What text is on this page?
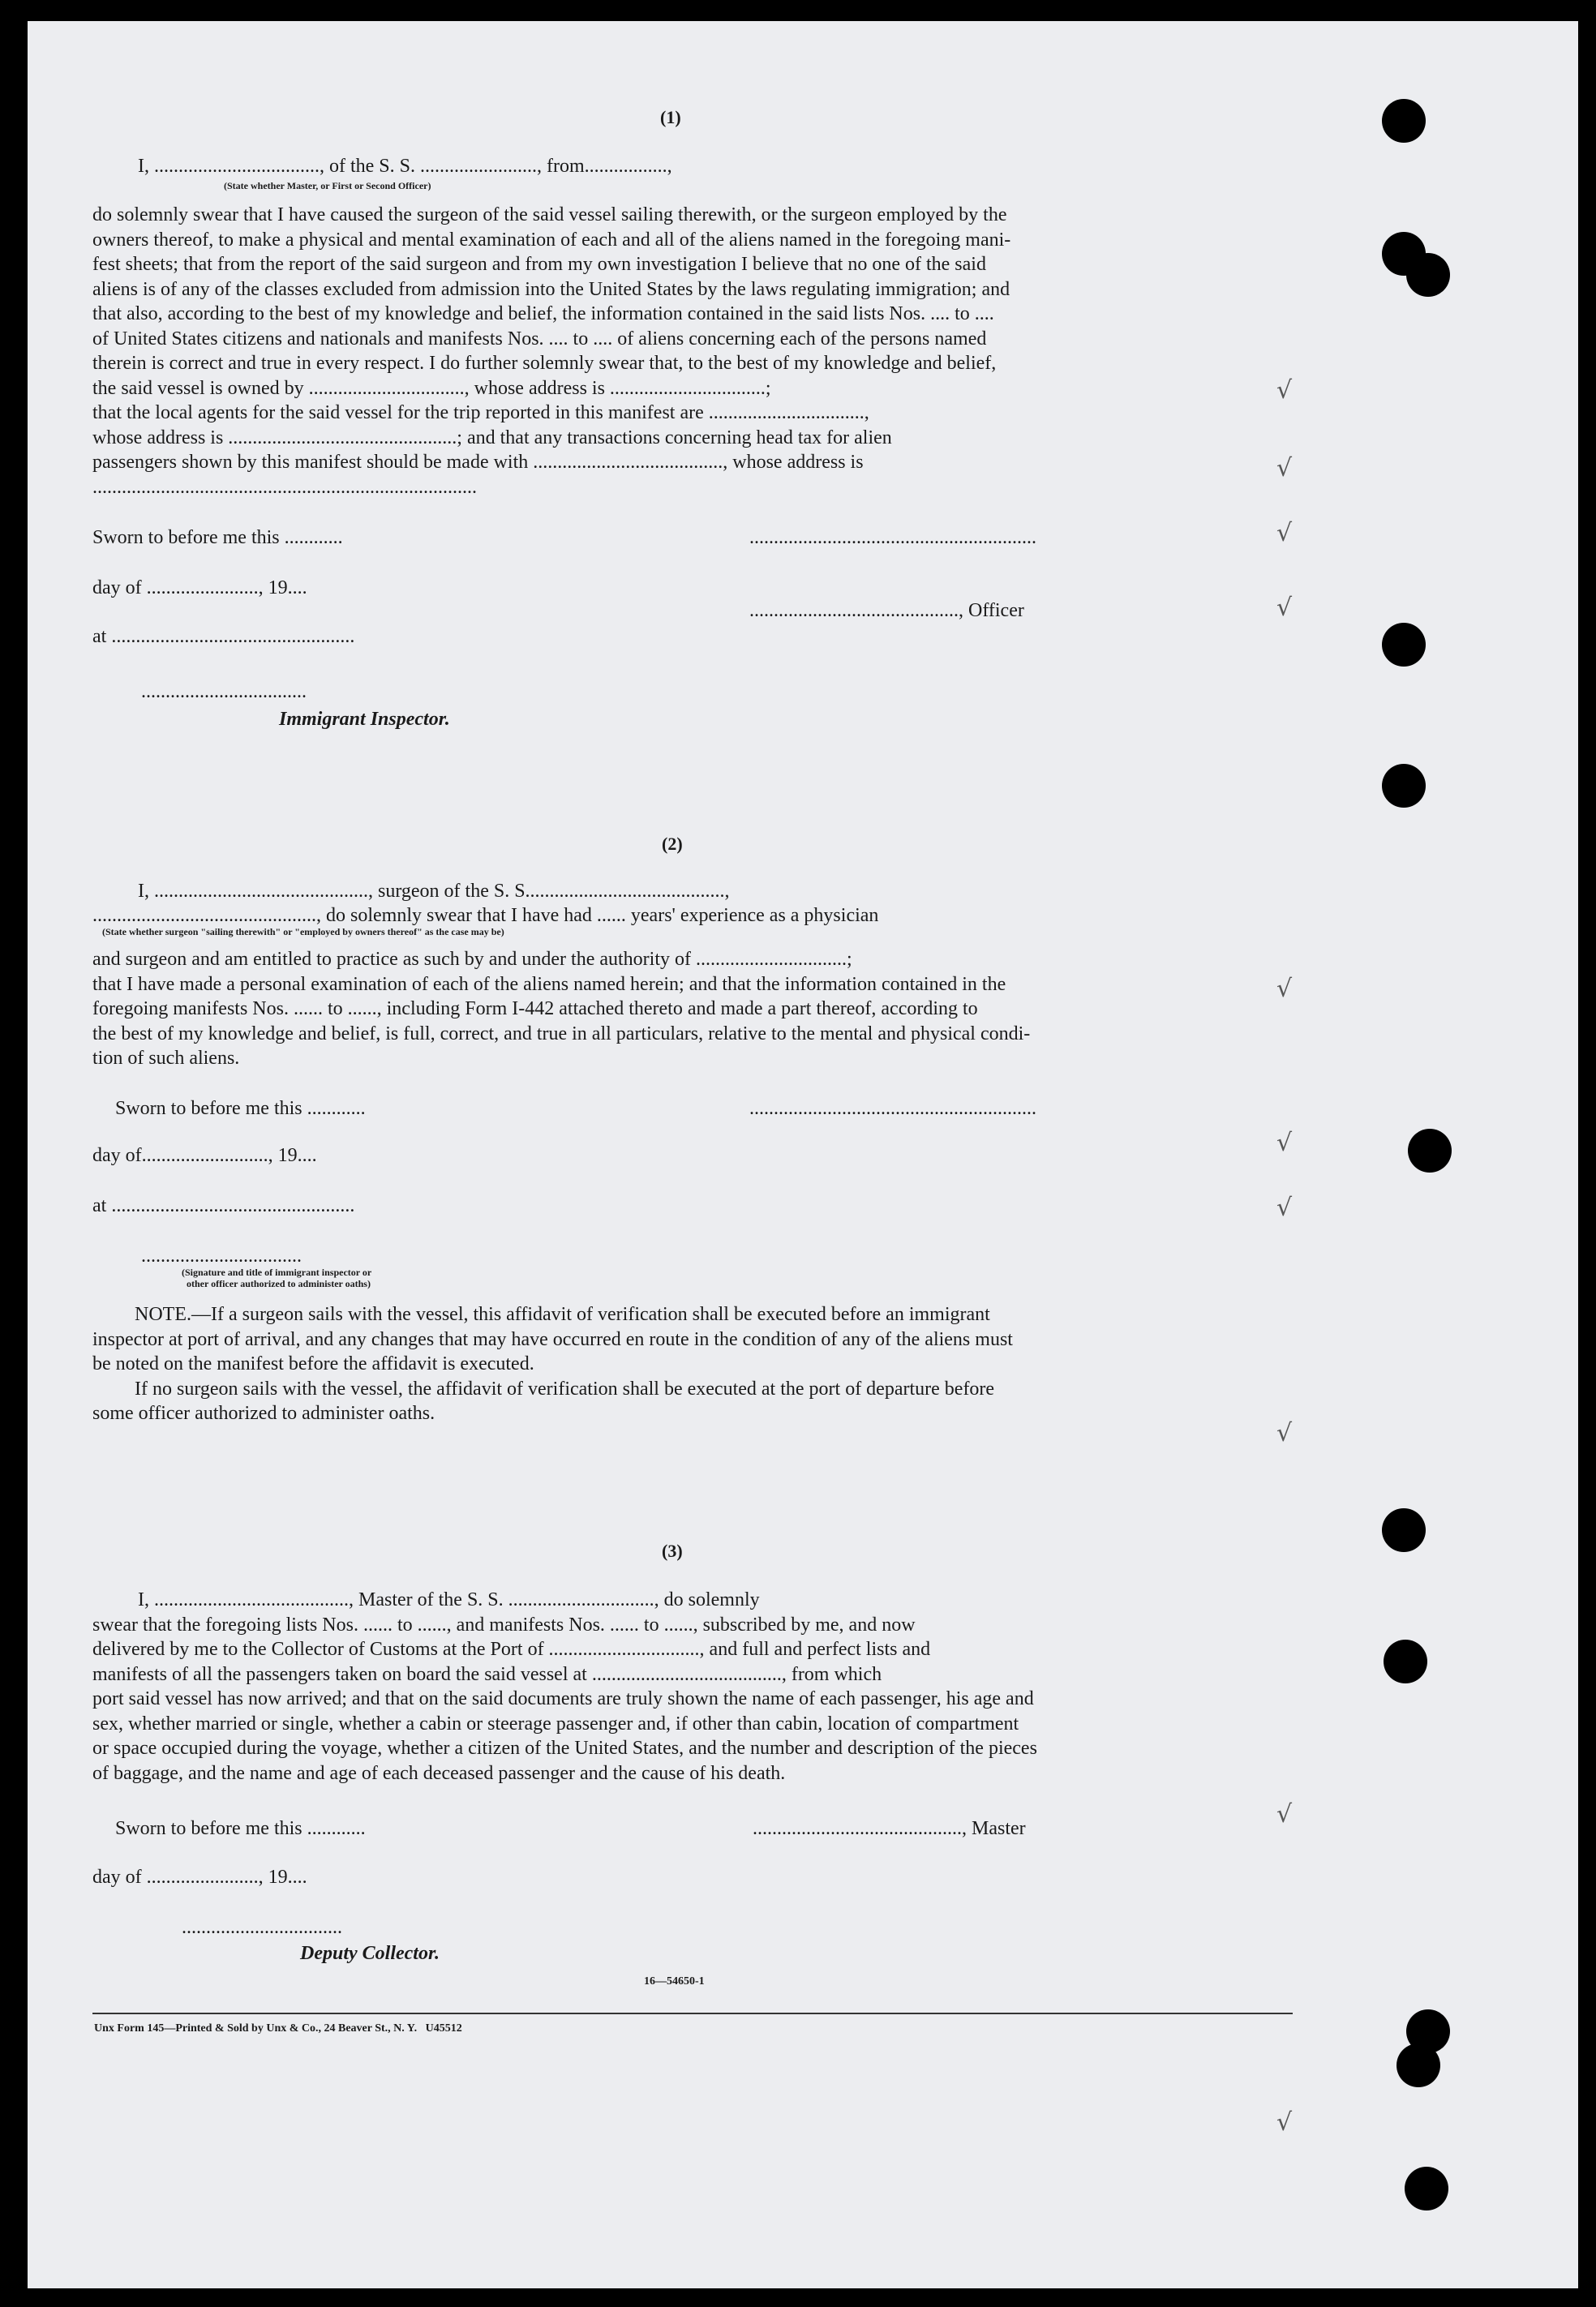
(1)
I, .................................., of the S. S. ........................, from.................,
(State whether Master, or First or Second Officer)

do solemnly swear that I have caused the surgeon of the said vessel sailing therewith, or the surgeon employed by the

owners thereof, to make a physical and mental examination of each and all of the aliens named in the foregoing mani-

fest sheets; that from the report of the said surgeon and from my own investigation I believe that no one of the said

aliens is of any of the classes excluded from admission into the United States by the laws regulating immigration; and

that also, according to the best of my knowledge and belief, the information contained in the said lists Nos. .... to ....

of United States citizens and nationals and manifests Nos. .... to .... of aliens concerning each of the persons named

therein is correct and true in every respect. I do further solemnly swear that, to the best of my knowledge and belief,

the said vessel is owned by ................................, whose address is ................................;

that the local agents for the said vessel for the trip reported in this manifest are ................................,

whose address is ...............................................; and that any transactions concerning head tax for alien

passengers shown by this manifest should be made with ......................................., whose address is

...............................................................................

Sworn to before me this ............	...........................................................
day of ......................., 19....
..........................................., Officer
at ..................................................
..................................
Immigrant Inspector.
(2)
I, ............................................, surgeon of the S. S.........................................,
.............................................., do solemnly swear that I have had ...... years' experience as a physician
(State whether surgeon "sailing therewith" or "employed by owners thereof" as the case may be)

and surgeon and am entitled to practice as such by and under the authority of ...............................;

that I have made a personal examination of each of the aliens named herein; and that the information contained in the

foregoing manifests Nos. ...... to ......, including Form I-442 attached thereto and made a part thereof, according to

the best of my knowledge and belief, is full, correct, and true in all particulars, relative to the mental and physical condi-

tion of such aliens.

Sworn to before me this ............	...........................................................
day of.........................., 19....
at ..................................................
.................................
(Signature and title of immigrant inspector or
other officer authorized to administer oaths)

NOTE.—If a surgeon sails with the vessel, this affidavit of verification shall be executed before an immigrant

inspector at port of arrival, and any changes that may have occurred en route in the condition of any of the aliens must

be noted on the manifest before the affidavit is executed.

If no surgeon sails with the vessel, the affidavit of verification shall be executed at the port of departure before

some officer authorized to administer oaths.

(3)

I, ........................................, Master of the S. S. .............................., do solemnly

swear that the foregoing lists Nos. ...... to ......, and manifests Nos. ...... to ......, subscribed by me, and now

delivered by me to the Collector of Customs at the Port of ..............................., and full and perfect lists and

manifests of all the passengers taken on board the said vessel at ......................................., from which

port said vessel has now arrived; and that on the said documents are truly shown the name of each passenger, his age and

sex, whether married or single, whether a cabin or steerage passenger and, if other than cabin, location of compartment

or space occupied during the voyage, whether a citizen of the United States, and the number and description of the pieces

of baggage, and the name and age of each deceased passenger and the cause of his death.

Sworn to before me this ............	..........................................., Master
day of ......................., 19....
.................................
Deputy Collector.
16—54650-1
Unx Form 145—Printed & Sold by Unx & Co., 24 Beaver St., N. Y.   U45512
√
√
√
√
√
√
√
√
√
√
